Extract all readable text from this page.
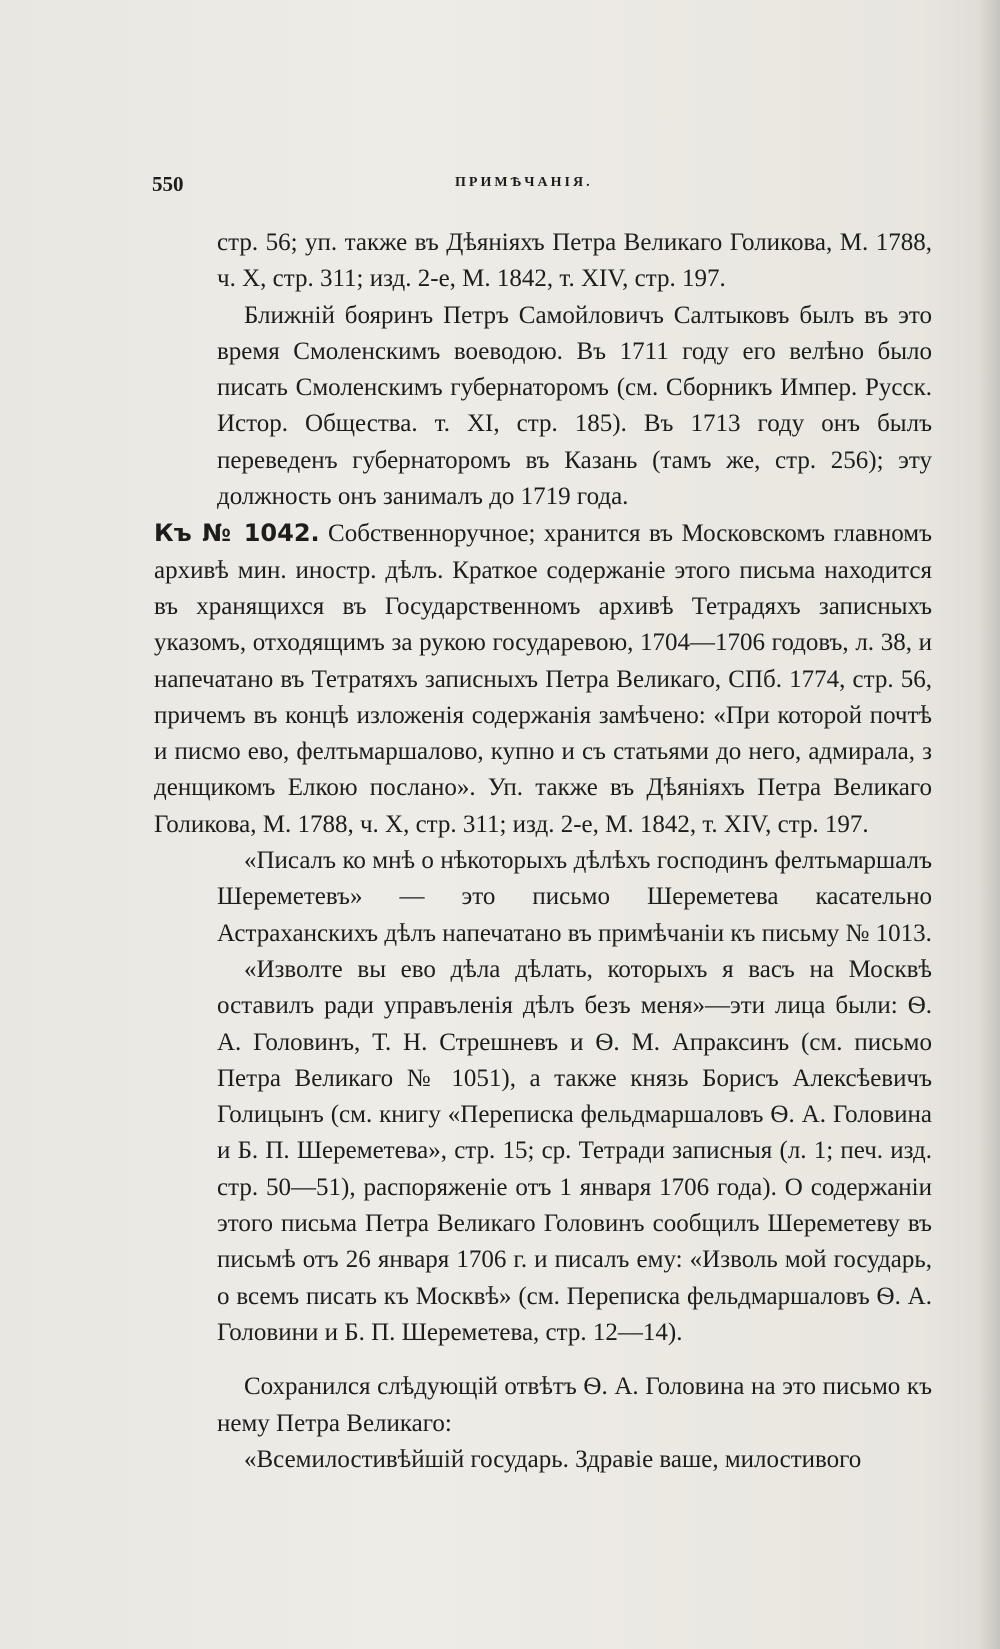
550	ПРИМѢЧАНІЯ.

стр. 56; уп. также въ Дѣяніяхъ Петра Великаго Голикова, М. 1788, ч. X, стр. 311; изд. 2-е, М. 1842, т. XIV, стр. 197.

Ближній бояринъ Петръ Самойловичъ Салтыковъ былъ въ это время Смоленскимъ воеводою. Въ 1711 году его велѣно было писать Смоленскимъ губернаторомъ (см. Сборникъ Импер. Русск. Истор. Общества. т. XI, стр. 185). Въ 1713 году онъ былъ переведенъ губернаторомъ въ Казань (тамъ же, стр. 256); эту должность онъ занималъ до 1719 года.

Къ № 1042. Собственноручное; хранится въ Московскомъ главномъ архивѣ мин. иностр. дѣлъ. Краткое содержаніе этого письма находится въ хранящихся въ Государственномъ архивѣ Тетрадяхъ записныхъ указомъ, отходящимъ за рукою государевою, 1704—1706 годовъ, л. 38, и напечатано въ Тетратяхъ записныхъ Петра Великаго, СПб. 1774, стр. 56, причемъ въ концѣ изложенія содержанія замѣчено: «При которой почтѣ и писмо ево, фелтьмаршалово, купно и съ статьями до него, адмирала, з денщикомъ Елкою послано». Уп. также въ Дѣяніяхъ Петра Великаго Голикова, М. 1788, ч. X, стр. 311; изд. 2-е, М. 1842, т. XIV, стр. 197.

«Писалъ ко мнѣ о нѣкоторыхъ дѣлѣхъ господинъ фелтьмаршалъ Шереметевъ» — это письмо Шереметева касательно Астраханскихъ дѣлъ напечатано въ примѣчаніи къ письму № 1013.

«Изволте вы ево дѣла дѣлать, которыхъ я васъ на Москвѣ оставилъ ради управъленія дѣлъ безъ меня»—эти лица были: Ѳ. А. Головинъ, Т. Н. Стрешневъ и Ѳ. М. Апраксинъ (см. письмо Петра Великаго № 1051), а также князь Борисъ Алексѣевичъ Голицынъ (см. книгу «Переписка фельдмаршаловъ Ѳ. А. Головина и Б. П. Шереметева», стр. 15; ср. Тетради записныя (л. 1; печ. изд. стр. 50—51), распоряженіе отъ 1 января 1706 года). О содержаніи этого письма Петра Великаго Головинъ сообщилъ Шереметеву въ письмѣ отъ 26 января 1706 г. и писалъ ему: «Изволь мой государь, о всемъ писать къ Москвѣ» (см. Переписка фельдмаршаловъ Ѳ. А. Головини и Б. П. Шереметева, стр. 12—14).

Сохранился слѣдующій отвѣтъ Ѳ. А. Головина на это письмо къ нему Петра Великаго:

«Всемилостивѣйшій государь. Здравіе ваше, милостивого
